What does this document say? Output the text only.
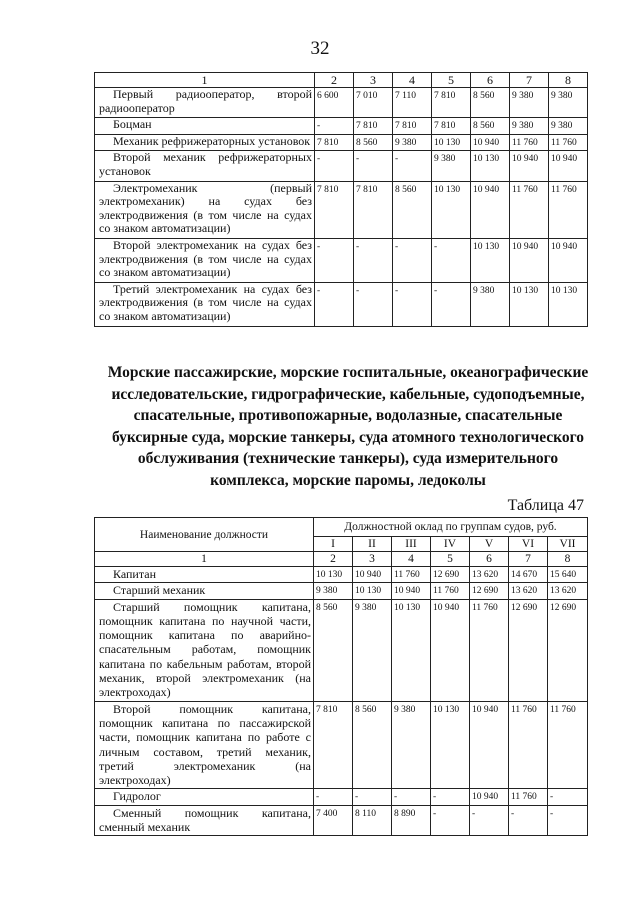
32
1	2	3	4	5	6	7	8
Первый радиооператор, второй радиооператор	6 600	7 010	7 110	7 810	8 560	9 380	9 380
Боцман	-	7 810	7 810	7 810	8 560	9 380	9 380
Механик рефрижераторных установок	7 810	8 560	9 380	10 130	10 940	11 760	11 760
Второй механик рефрижераторных установок	-	-	-	9 380	10 130	10 940	10 940
Электромеханик (первый электромеханик) на судах без электродвижения (в том числе на судах со знаком автоматизации)	7 810	7 810	8 560	10 130	10 940	11 760	11 760
Второй электромеханик на судах без электродвижения (в том числе на судах со знаком автоматизации)	-	-	-	-	10 130	10 940	10 940
Третий электромеханик на судах без электродвижения (в том числе на судах со знаком автоматизации)	-	-	-	-	9 380	10 130	10 130
Морские пассажирские, морские госпитальные, океанографические исследовательские, гидрографические, кабельные, судоподъемные, спасательные, противопожарные, водолазные, спасательные буксирные суда, морские танкеры, суда атомного технологического обслуживания (технические танкеры), суда измерительного комплекса, морские паромы, ледоколы
Таблица 47
Наименование должности	Должностной оклад по группам судов, руб.						
	I	II	III	IV	V	VI	VII
1	2	3	4	5	6	7	8
Капитан	10 130	10 940	11 760	12 690	13 620	14 670	15 640
Старший механик	9 380	10 130	10 940	11 760	12 690	13 620	13 620
Старший помощник капитана, помощник капитана по научной части, помощник капитана по аварийно-спасательным работам, помощник капитана по кабельным работам, второй механик, второй электромеханик (на электроходах)	8 560	9 380	10 130	10 940	11 760	12 690	12 690
Второй помощник капитана, помощник капитана по пассажирской части, помощник капитана по работе с личным составом, третий механик, третий электромеханик (на электроходах)	7 810	8 560	9 380	10 130	10 940	11 760	11 760
Гидролог	-	-	-	-	10 940	11 760	-
Сменный помощник капитана, сменный механик	7 400	8 110	8 890	-	-	-	-
